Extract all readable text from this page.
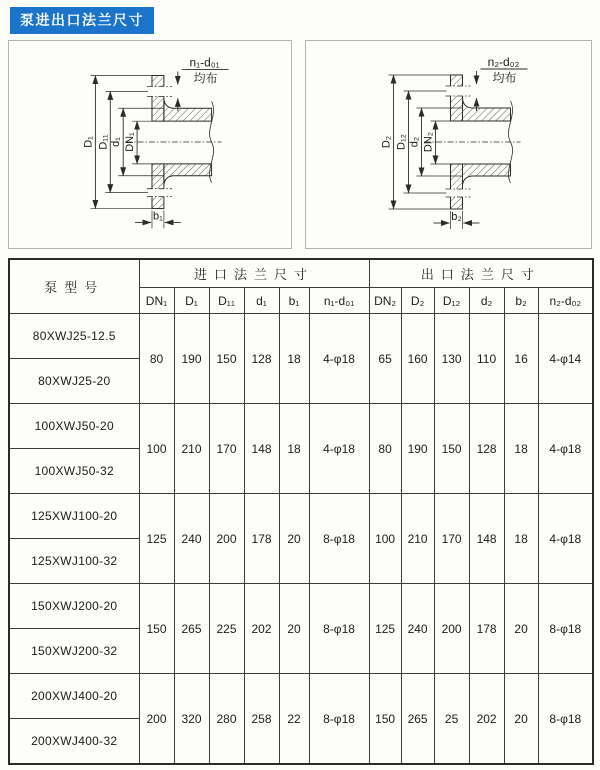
泵进出口法兰尺寸
D₁ D₁₁ d₁ DN₁
n₁-d₀₁
均布
b₁
D₂ D₁₂ d₂ DN₂
n₂-d₀₂
均布
b₂
泵型号	进口法兰尺寸						出口法兰尺寸					
	DN₁	D₁	D₁₁	d₁	b₁	n₁-d₀₁	DN₂	D₂	D₁₂	d₂	b₂	n₂-d₀₂
80XWJ25-12.5	80	190	150	128	18	4-φ18	65	160	130	110	16	4-φ14
80XWJ25-20												
100XWJ50-20	100	210	170	148	18	4-φ18	80	190	150	128	18	4-φ18
100XWJ50-32												
125XWJ100-20	125	240	200	178	20	8-φ18	100	210	170	148	18	4-φ18
125XWJ100-32												
150XWJ200-20	150	265	225	202	20	8-φ18	125	240	200	178	20	8-φ18
150XWJ200-32												
200XWJ400-20	200	320	280	258	22	8-φ18	150	265	25	202	20	8-φ18
200XWJ400-32												
